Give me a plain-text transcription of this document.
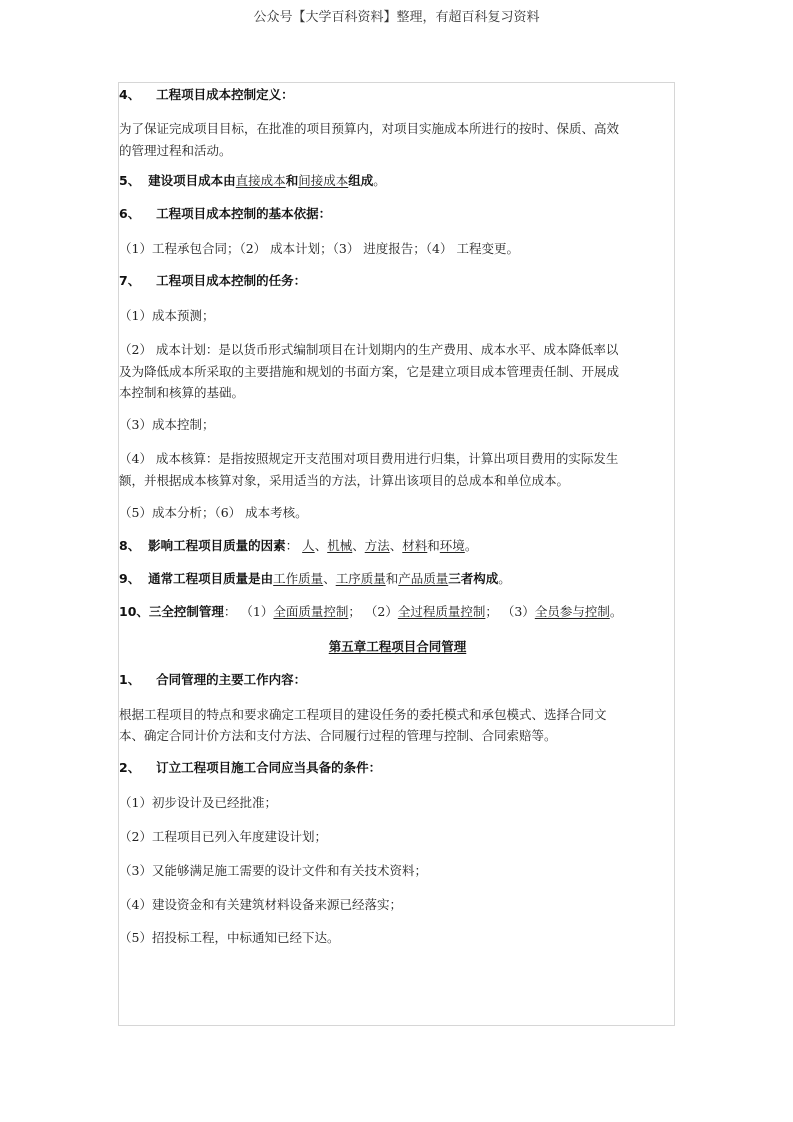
公众号【大学百科资料】整理，有超百科复习资料
4、 工程项目成本控制定义：
为了保证完成项目目标，在批准的项目预算内，对项目实施成本所进行的按时、保质、高效
的管理过程和活动。
5、 建设项目成本由直接成本和间接成本组成。
6、 工程项目成本控制的基本依据：
（1）工程承包合同；（2） 成本计划；（3） 进度报告；（4） 工程变更。
7、 工程项目成本控制的任务：
（1）成本预测；
（2） 成本计划：是以货币形式编制项目在计划期内的生产费用、成本水平、成本降低率以
及为降低成本所采取的主要措施和规划的书面方案，它是建立项目成本管理责任制、开展成
本控制和核算的基础。
（3）成本控制；
（4） 成本核算：是指按照规定开支范围对项目费用进行归集，计算出项目费用的实际发生
额，并根据成本核算对象，采用适当的方法，计算出该项目的总成本和单位成本。
（5）成本分析；（6） 成本考核。
8、 影响工程项目质量的因素： 人、机械、方法、材料和环境。
9、 通常工程项目质量是由工作质量、工序质量和产品质量三者构成。
10、三全控制管理： （1）全面质量控制； （2）全过程质量控制； （3）全员参与控制。
第五章工程项目合同管理
1、 合同管理的主要工作内容：
根据工程项目的特点和要求确定工程项目的建设任务的委托模式和承包模式、选择合同文
本、确定合同计价方法和支付方法、合同履行过程的管理与控制、合同索赔等。
2、 订立工程项目施工合同应当具备的条件：
（1）初步设计及已经批准；
（2）工程项目已列入年度建设计划；
（3）又能够满足施工需要的设计文件和有关技术资料；
（4）建设资金和有关建筑材料设备来源已经落实；
（5）招投标工程，中标通知已经下达。
